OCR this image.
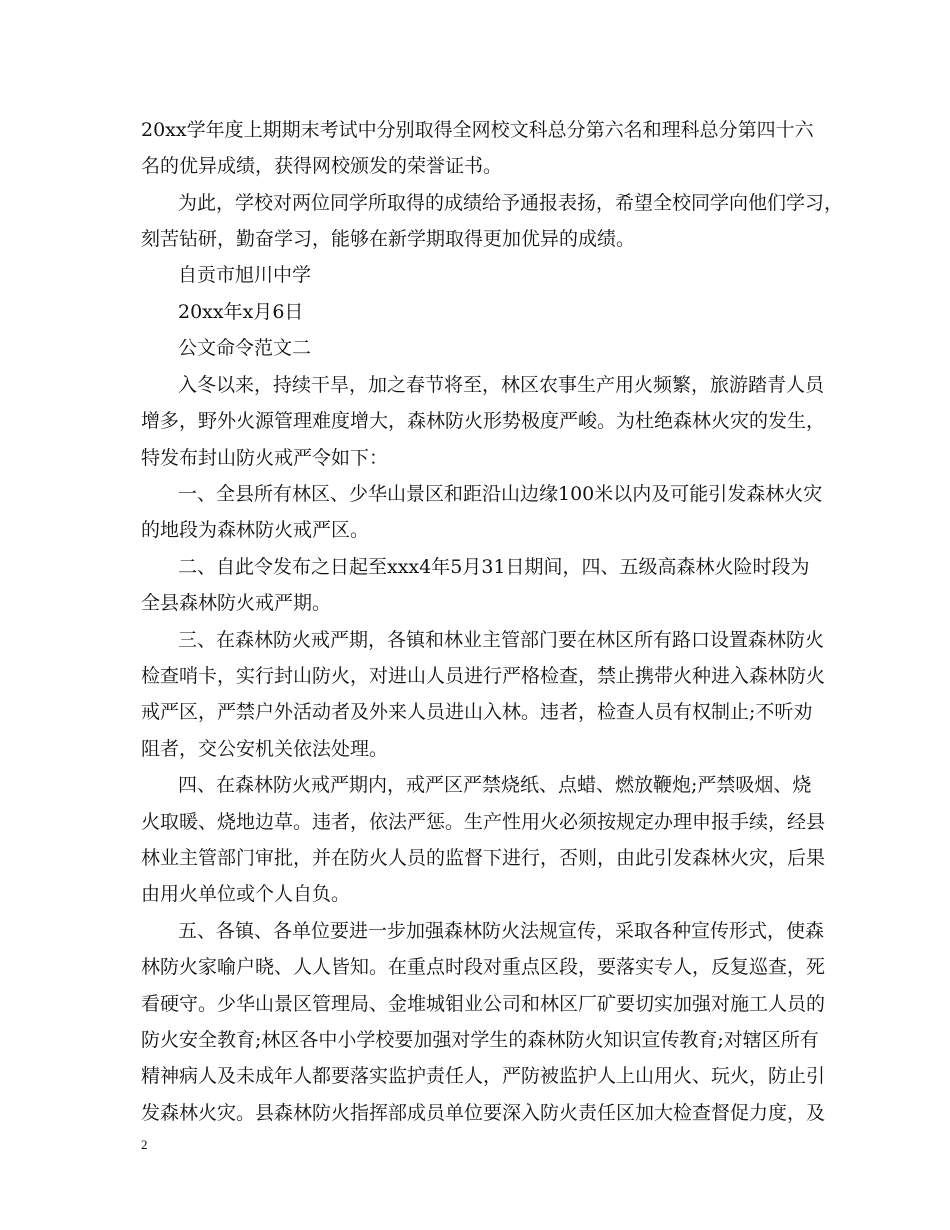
20xx学年度上期期末考试中分别取得全网校文科总分第六名和理科总分第四十六
名的优异成绩，获得网校颁发的荣誉证书。
为此，学校对两位同学所取得的成绩给予通报表扬，希望全校同学向他们学习，
刻苦钻研，勤奋学习，能够在新学期取得更加优异的成绩。
自贡市旭川中学
20xx年x月6日
公文命令范文二
入冬以来，持续干旱，加之春节将至，林区农事生产用火频繁，旅游踏青人员
增多，野外火源管理难度增大，森林防火形势极度严峻。为杜绝森林火灾的发生，
特发布封山防火戒严令如下：
一、全县所有林区、少华山景区和距沿山边缘100米以内及可能引发森林火灾
的地段为森林防火戒严区。
二、自此令发布之日起至xxx4年5月31日期间，四、五级高森林火险时段为
全县森林防火戒严期。
三、在森林防火戒严期，各镇和林业主管部门要在林区所有路口设置森林防火
检查哨卡，实行封山防火，对进山人员进行严格检查，禁止携带火种进入森林防火
戒严区，严禁户外活动者及外来人员进山入林。违者，检查人员有权制止;不听劝
阻者，交公安机关依法处理。
四、在森林防火戒严期内，戒严区严禁烧纸、点蜡、燃放鞭炮;严禁吸烟、烧
火取暖、烧地边草。违者，依法严惩。生产性用火必须按规定办理申报手续，经县
林业主管部门审批，并在防火人员的监督下进行，否则，由此引发森林火灾，后果
由用火单位或个人自负。
五、各镇、各单位要进一步加强森林防火法规宣传，采取各种宣传形式，使森
林防火家喻户晓、人人皆知。在重点时段对重点区段，要落实专人，反复巡查，死
看硬守。少华山景区管理局、金堆城钼业公司和林区厂矿要切实加强对施工人员的
防火安全教育;林区各中小学校要加强对学生的森林防火知识宣传教育;对辖区所有
精神病人及未成年人都要落实监护责任人，严防被监护人上山用火、玩火，防止引
发森林火灾。县森林防火指挥部成员单位要深入防火责任区加大检查督促力度，及
2
